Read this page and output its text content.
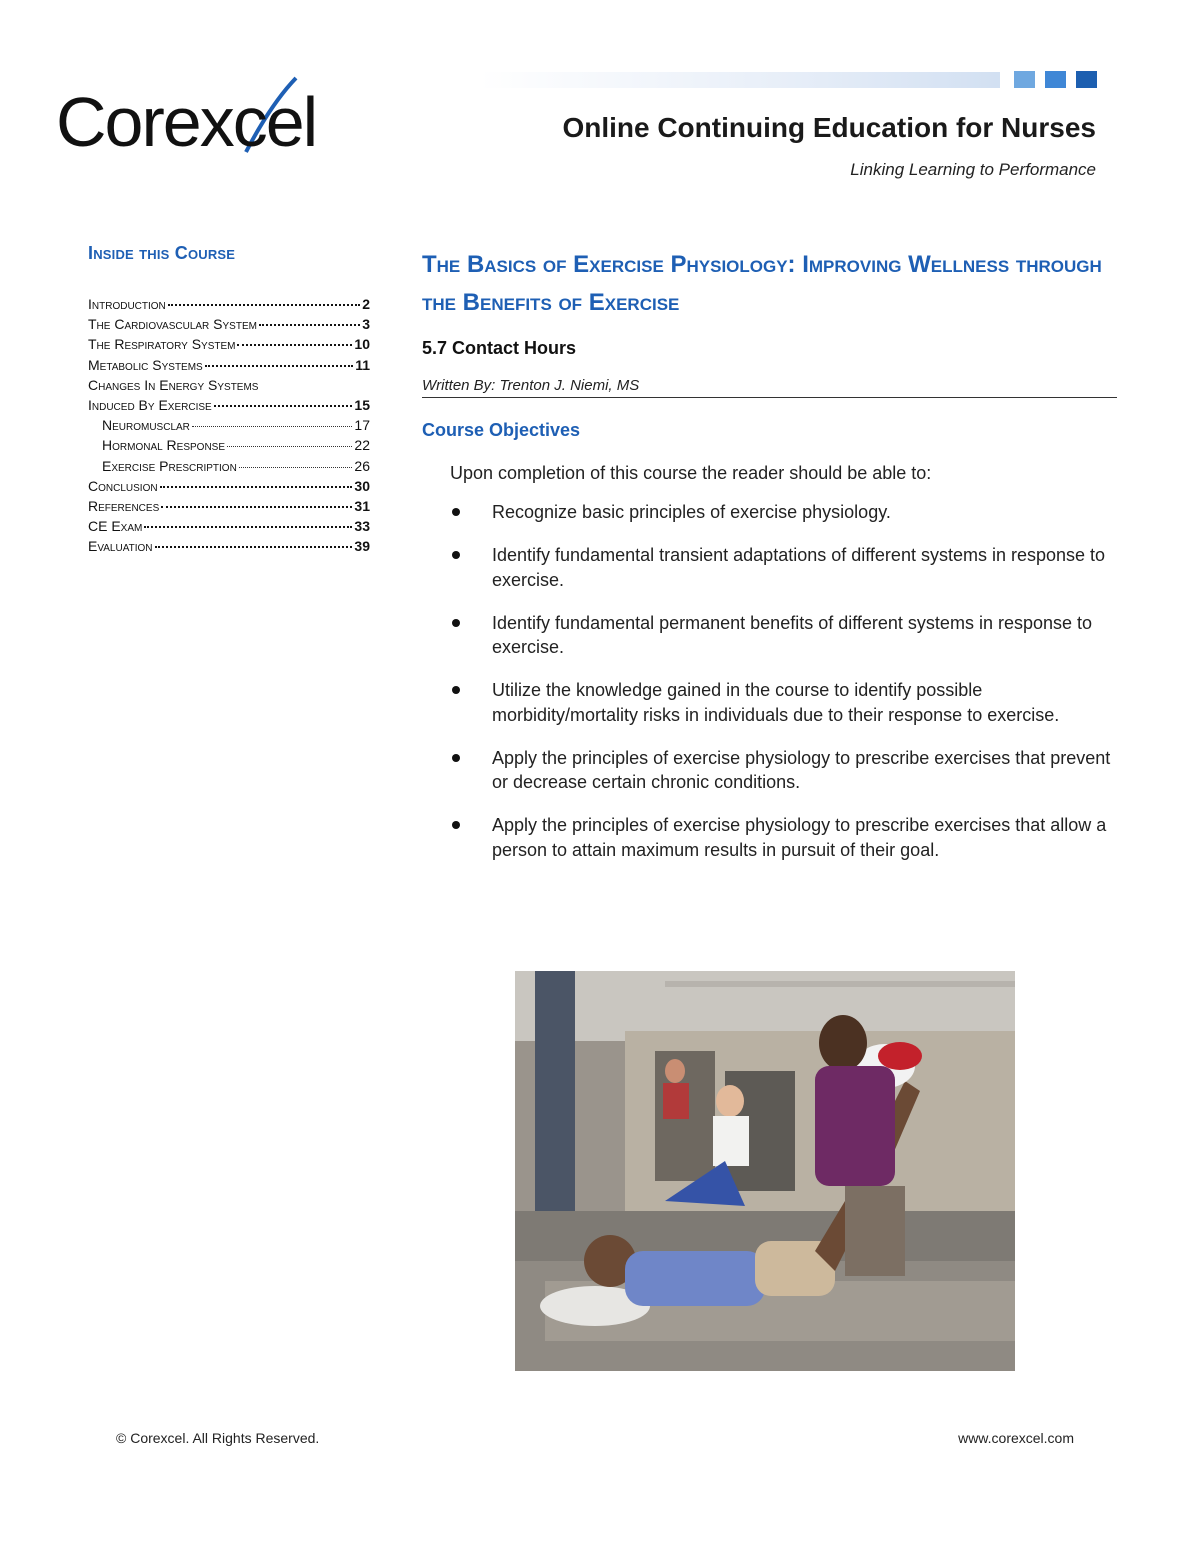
Corexcel	Online Continuing Education for Nurses
Linking Learning to Performance
Inside this Course
Introduction	2
The Cardiovascular System	3
The Respiratory System	10
Metabolic Systems	11
Changes In Energy Systems
Induced By Exercise	15
Neuromusclar	17
Hormonal Response	22
Exercise Prescription	26
Conclusion	30
References	31
CE Exam	33
Evaluation	39
The Basics of Exercise Physiology: Improving Wellness through the Benefits of Exercise
5.7 Contact Hours
Written By: Trenton J. Niemi, MS
Course Objectives
Upon completion of this course the reader should be able to:
Recognize basic principles of exercise physiology.
Identify fundamental transient adaptations of different systems in response to exercise.
Identify fundamental permanent benefits of different systems in response to exercise.
Utilize the knowledge gained in the course to identify possible morbidity/mortality risks in individuals due to their response to exercise.
Apply the principles of exercise physiology to prescribe exercises that prevent or decrease certain chronic conditions.
Apply the principles of exercise physiology to prescribe exercises that allow a person to attain maximum results in pursuit of their goal.
© Corexcel. All Rights Reserved.	www.corexcel.com
